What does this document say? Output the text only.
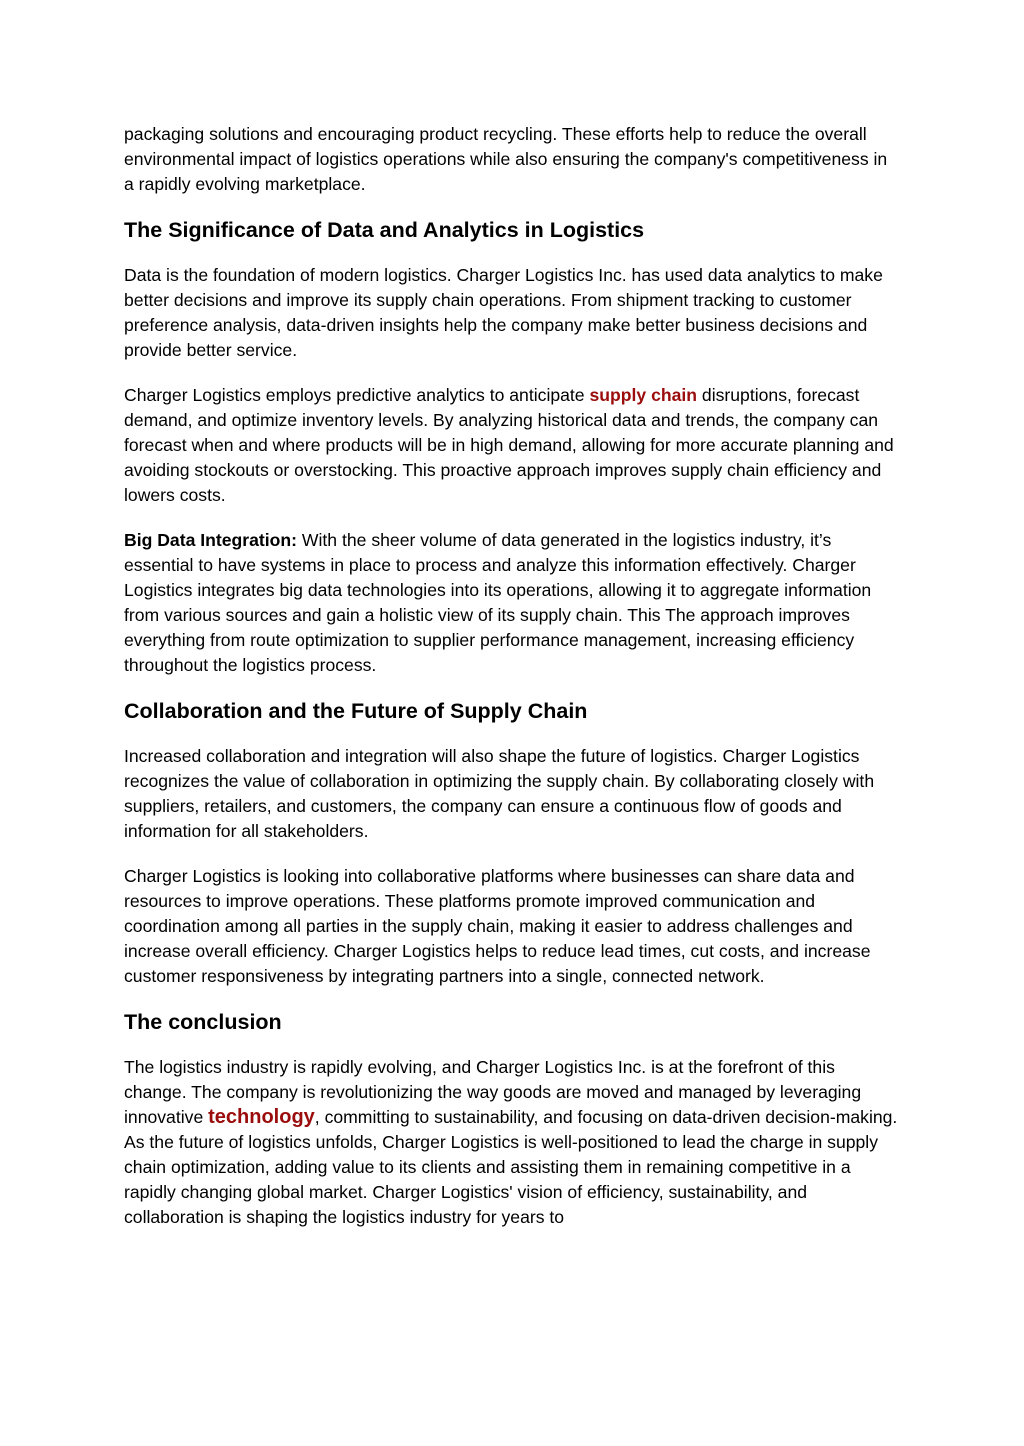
packaging solutions and encouraging product recycling. These efforts help to reduce the overall environmental impact of logistics operations while also ensuring the company's competitiveness in a rapidly evolving marketplace.

The Significance of Data and Analytics in Logistics

Data is the foundation of modern logistics. Charger Logistics Inc. has used data analytics to make better decisions and improve its supply chain operations. From shipment tracking to customer preference analysis, data-driven insights help the company make better business decisions and provide better service.

Charger Logistics employs predictive analytics to anticipate supply chain disruptions, forecast demand, and optimize inventory levels. By analyzing historical data and trends, the company can forecast when and where products will be in high demand, allowing for more accurate planning and avoiding stockouts or overstocking. This proactive approach improves supply chain efficiency and lowers costs.

Big Data Integration: With the sheer volume of data generated in the logistics industry, it’s essential to have systems in place to process and analyze this information effectively. Charger Logistics integrates big data technologies into its operations, allowing it to aggregate information from various sources and gain a holistic view of its supply chain. This The approach improves everything from route optimization to supplier performance management, increasing efficiency throughout the logistics process.

Collaboration and the Future of Supply Chain

Increased collaboration and integration will also shape the future of logistics. Charger Logistics recognizes the value of collaboration in optimizing the supply chain. By collaborating closely with suppliers, retailers, and customers, the company can ensure a continuous flow of goods and information for all stakeholders.

Charger Logistics is looking into collaborative platforms where businesses can share data and resources to improve operations. These platforms promote improved communication and coordination among all parties in the supply chain, making it easier to address challenges and increase overall efficiency. Charger Logistics helps to reduce lead times, cut costs, and increase customer responsiveness by integrating partners into a single, connected network.

The conclusion

The logistics industry is rapidly evolving, and Charger Logistics Inc. is at the forefront of this change. The company is revolutionizing the way goods are moved and managed by leveraging innovative technology, committing to sustainability, and focusing on data-driven decision-making. As the future of logistics unfolds, Charger Logistics is well-positioned to lead the charge in supply chain optimization, adding value to its clients and assisting them in remaining competitive in a rapidly changing global market. Charger Logistics' vision of efficiency, sustainability, and collaboration is shaping the logistics industry for years to
